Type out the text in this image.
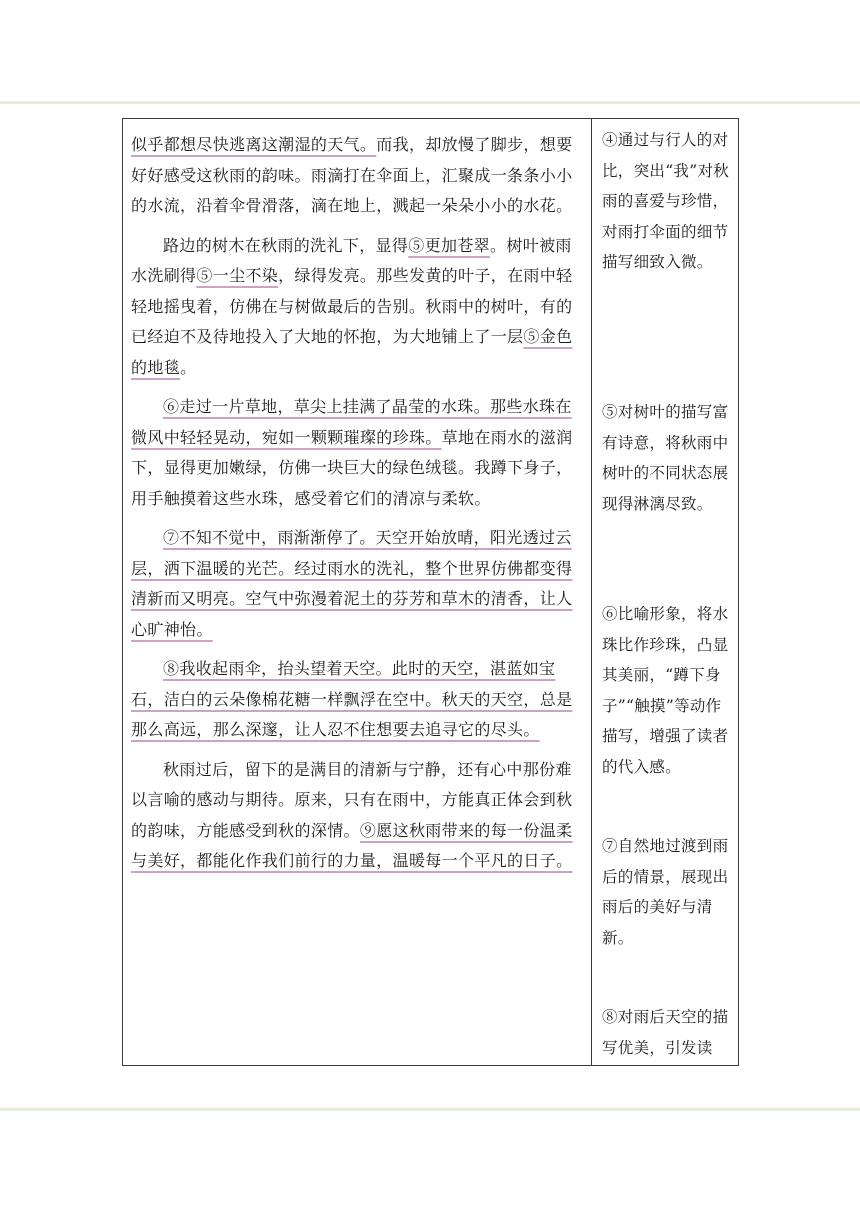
似乎都想尽快逃离这潮湿的天气。而我，却放慢了脚步，想要好好感受这秋雨的韵味。雨滴打在伞面上，汇聚成一条条小小的水流，沿着伞骨滑落，滴在地上，溅起一朵朵小小的水花。

路边的树木在秋雨的洗礼下，显得⑤更加苍翠。树叶被雨水洗刷得⑤一尘不染，绿得发亮。那些发黄的叶子，在雨中轻轻地摇曳着，仿佛在与树做最后的告别。秋雨中的树叶，有的已经迫不及待地投入了大地的怀抱，为大地铺上了一层⑤金色的地毯。

⑥走过一片草地，草尖上挂满了晶莹的水珠。那些水珠在微风中轻轻晃动，宛如一颗颗璀璨的珍珠。草地在雨水的滋润下，显得更加嫩绿，仿佛一块巨大的绿色绒毯。我蹲下身子，用手触摸着这些水珠，感受着它们的清凉与柔软。

⑦不知不觉中，雨渐渐停了。天空开始放晴，阳光透过云层，洒下温暖的光芒。经过雨水的洗礼，整个世界仿佛都变得清新而又明亮。空气中弥漫着泥土的芬芳和草木的清香，让人心旷神怡。

⑧我收起雨伞，抬头望着天空。此时的天空，湛蓝如宝石，洁白的云朵像棉花糖一样飘浮在空中。秋天的天空，总是那么高远，那么深邃，让人忍不住想要去追寻它的尽头。

秋雨过后，留下的是满目的清新与宁静，还有心中那份难以言喻的感动与期待。原来，只有在雨中，方能真正体会到秋的韵味，方能感受到秋的深情。⑨愿这秋雨带来的每一份温柔与美好，都能化作我们前行的力量，温暖每一个平凡的日子。

④通过与行人的对比，突出“我”对秋雨的喜爱与珍惜，对雨打伞面的细节描写细致入微。

⑤对树叶的描写富有诗意，将秋雨中树叶的不同状态展现得淋漓尽致。

⑥比喻形象，将水珠比作珍珠，凸显其美丽，“蹲下身子”“触摸”等动作描写，增强了读者的代入感。

⑦自然地过渡到雨后的情景，展现出雨后的美好与清新。

⑧对雨后天空的描写优美，引发读
